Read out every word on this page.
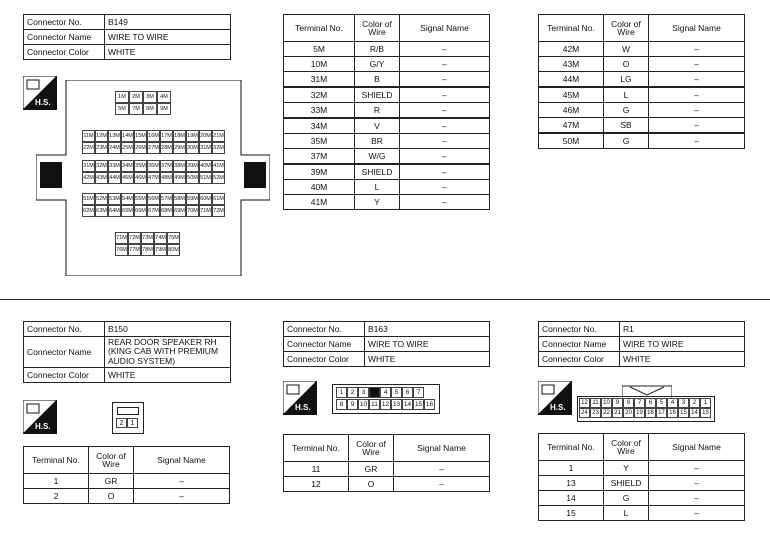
Connector No.	B149
Connector Name	WIRE TO WIRE
Connector Color	WHITE
H.S.
1M	2M	3M	4M
5M	7M	8M	9M
11M 12M 13M 14M 15M 16M 17M 18M 19M 20M 21M
22M 23M 24M 25M 26M 27M 28M 29M 30M 31M 32M
31M 32M 33M 34M 35M 36M 37M 38M 39M 40M 41M
42M 43M 44M 45M 46M 47M 48M 49M 50M 51M 52M
51M 52M 53M 54M 55M 56M 57M 58M 59M 60M 61M
62M 63M 64M 65M 66M 67M 68M 69M 70M 71M 72M
71M 72M 73M 74M 75M
76M 77M 78M 79M 80M
Terminal No.	Color of Wire	Signal Name
5M	R/B	–
10M	G/Y	–
31M	B	–
32M	SHIELD	–
33M	R	–
34M	V	–
35M	BR	–
37M	W/G	–
39M	SHIELD	–
40M	L	–
41M	Y	–
Terminal No.	Color of Wire	Signal Name
42M	W	–
43M	O	–
44M	LG	–
45M	L	–
46M	G	–
47M	SB	–
50M	G	–
Connector No.	B150
Connector Name	REAR DOOR SPEAKER RH (KING CAB WITH PREMIUM AUDIO SYSTEM)
Connector Color	WHITE
H.S.	2	1
Terminal No.	Color of Wire	Signal Name
1	GR	–
2	O	–
Connector No.	B163
Connector Name	WIRE TO WIRE
Connector Color	WHITE
H.S.
1	2	3	4	5	6	7
8	9 10 11 12 13 14 15 16
Terminal No.	Color of Wire	Signal Name
11	GR	–
12	O	–
Connector No.	R1
Connector Name	WIRE TO WIRE
Connector Color	WHITE
H.S.	12 11 10 9	8	7	6	5	4	3	2	1
24 23 22 21 20 19 18 17 16 15 14 13
Terminal No.	Color of Wire	Signal Name
1	Y	–
13	SHIELD	–
14	G	–
15	L	–
